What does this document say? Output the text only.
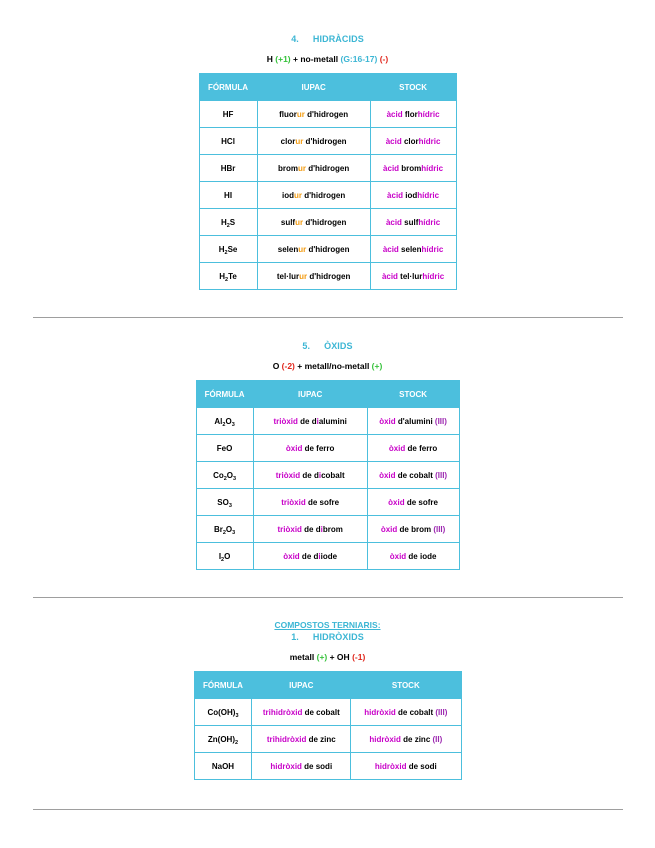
4. HIDRÀCIDS
H (+1) + no-metall (G:16-17) (-)
FÓRMULA	IUPAC	STOCK
HF	fluorur d'hidrogen	àcid florhídric
HCl	clorur d'hidrogen	àcid clorhídric
HBr	bromur d'hidrogen	àcid bromhídric
HI	iodur d'hidrogen	àcid iodhídric
$H_2S$	sulfur d'hidrogen	àcid sulfhídric
$H_2Se$	selenur d'hidrogen	àcid selenhídric
$H_2Te$	tel·lurur d'hidrogen	àcid tel·lurhídric
5. ÒXIDS
O (-2) + metall/no-metall (+)
FÓRMULA	IUPAC	STOCK
$Al_2O_3$	triòxid de dialumini	òxid d'alumini (III)
FeO	òxid de ferro	òxid de ferro
$Co_2O_3$	triòxid de dicobalt	òxid de cobalt (III)
$SO_3$	triòxid de sofre	òxid de sofre
$Br_2O_3$	triòxid de dibrom	òxid de brom (III)
$I_2O$	òxid de diiode	òxid de iode
COMPOSTOS TERNIARIS:
1. HIDRÒXIDS
metall (+) + OH (-1)
FÓRMULA	IUPAC	STOCK
$Co(OH)_3$	trihidròxid de cobalt	hidròxid de cobalt (III)
$Zn(OH)_2$	trihidròxid de zinc	hidròxid de zinc (II)
NaOH	hidròxid de sodi	hidròxid de sodi
